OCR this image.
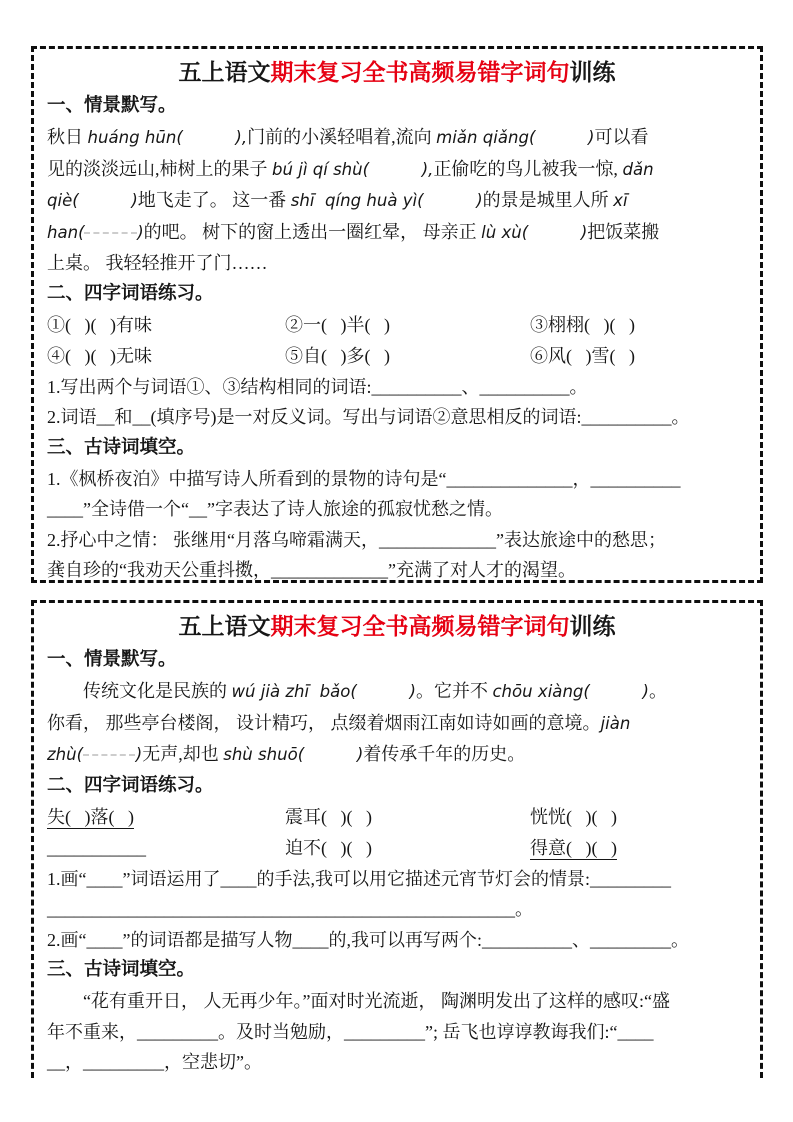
五上语文期末复习全书高频易错字词句训练
一、情景默写。
秋日 huáng hūn(          ),门前的小溪轻唱着,流向 miǎn qiǎng(          )可以看
见的淡淡远山,柿树上的果子 bú jì qí shù(          ),正偷吃的鸟儿被我一惊, dǎn
qiè(          )地飞走了。 这一番 shī  qíng huà yì(          )的景是城里人所 xī
han(	)的吧。 树下的窗上透出一圈红晕， 母亲正 lù xù(          )把饭菜搬
上桌。 我轻轻推开了门……
二、四字词语练习。
①(   )(   )有味	②一(   )半(   )	③栩栩(   )(   )
④(   )(   )无味	⑤自(   )多(   )	⑥风(   )雪(   )
1.写出两个与词语①、③结构相同的词语:__________、__________。
2.词语__和__(填序号)是一对反义词。写出与词语②意思相反的词语:__________。
三、古诗词填空。
1.《枫桥夜泊》中描写诗人所看到的景物的诗句是“______________，__________
____”全诗借一个“__”字表达了诗人旅途的孤寂忧愁之情。
2.抒心中之情： 张继用“月落乌啼霜满天，_____________”表达旅途中的愁思；
龚自珍的“我劝天公重抖擞，_____________”充满了对人才的渴望。
五上语文期末复习全书高频易错字词句训练
一、情景默写。
传统文化是民族的 wú jià zhī  bǎo(          )。它并不 chōu xiàng(          )。
你看， 那些亭台楼阁， 设计精巧， 点缀着烟雨江南如诗如画的意境。jiàn
zhù(	)无声,却也 shù shuō(          )着传承千年的历史。
二、四字词语练习。
失(   )落(   )	震耳(   )(   )	恍恍(   )(   )
___________	迫不(   )(   )	得意(   )(   )
1.画“____”词语运用了____的手法,我可以用它描述元宵节灯会的情景:_________
____________________________________________________。
2.画“____”的词语都是描写人物____的,我可以再写两个:__________、_________。
三、古诗词填空。
“花有重开日， 人无再少年。”面对时光流逝， 陶渊明发出了这样的感叹:“盛
年不重来，_________。及时当勉励，_________”; 岳飞也谆谆教诲我们:“____
__，_________，空悲切”。
